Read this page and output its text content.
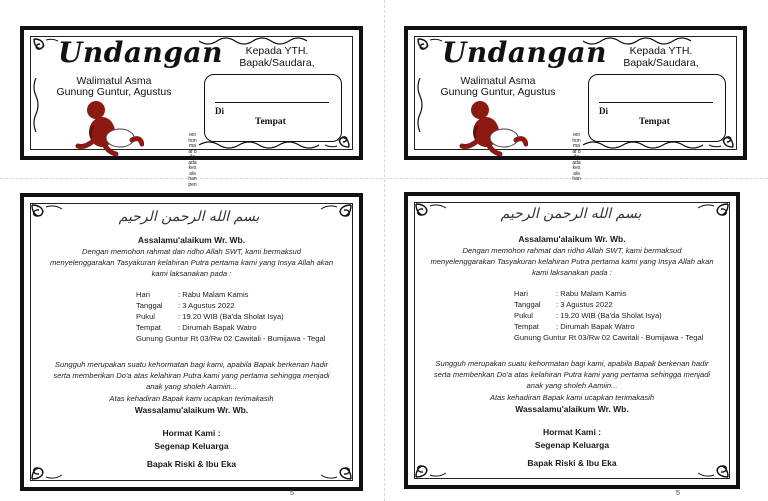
Undangan
Walimatul Asma
Gunung Guntur, Agustus
Kepada YTH.
Bapak/Saudara,
Di
Tempat
Mohon maaf bila ada kesalahan pen
Undangan
Walimatul Asma
Gunung Guntur, Agustus
Kepada YTH.
Bapak/Saudara,
Di
Tempat
Mohon maaf bila ada kesalahan
بسم الله الرحمن الرحيم
Assalamu'alaikum Wr. Wb.
Dengan memohon rahmat dan ridho Allah SWT, kami bermaksud
menyelenggarakan Tasyakuran kelahiran Putra pertama kami yang Insya Allah akan
kami laksanakan pada :
Hari	: Rabu Malam Kamis
Tanggal : 3 Agustus 2022
Pukul	: 19.20 WIB (Ba'da Sholat Isya)
Tempat : Dirumah Bapak Watro
Gunung Guntur Rt 03/Rw 02 Cawitali - Bumijawa - Tegal
Sungguh merupakan suatu kehormatan bagi kami, apabila Bapak berkenan hadir
serta memberikan Do'a atas kelahiran Putra kami yang pertama sehingga menjadi
anak yang sholeh Aamiin...
Atas kehadiran Bapak kami ucapkan terimakasih
Wassalamu'alaikum Wr. Wb.
Hormat Kami :
Segenap Keluarga
Bapak Riski & Ibu Eka
5
بسم الله الرحمن الرحيم
Assalamu'alaikum Wr. Wb.
Dengan memohon rahmat dan ridho Allah SWT, kami bermaksud
menyelenggarakan Tasyakuran kelahiran Putra pertama kami yang Insya Allah akan
kami laksanakan pada :
Hari	: Rabu Malam Kamis
Tanggal : 3 Agustus 2022
Pukul	: 19.20 WIB (Ba'da Sholat Isya)
Tempat : Dirumah Bapak Watro
Gunung Guntur Rt 03/Rw 02 Cawitali - Bumijawa - Tegal
Sungguh merupakan suatu kehormatan bagi kami, apabila Bapak berkenan hadir
serta memberikan Do'a atas kelahiran Putra kami yang pertama sehingga menjadi
anak yang sholeh Aamiin...
Atas kehadiran Bapak kami ucapkan terimakasih
Wassalamu'alaikum Wr. Wb.
Hormat Kami :
Segenap Keluarga
Bapak Riski & Ibu Eka
5
